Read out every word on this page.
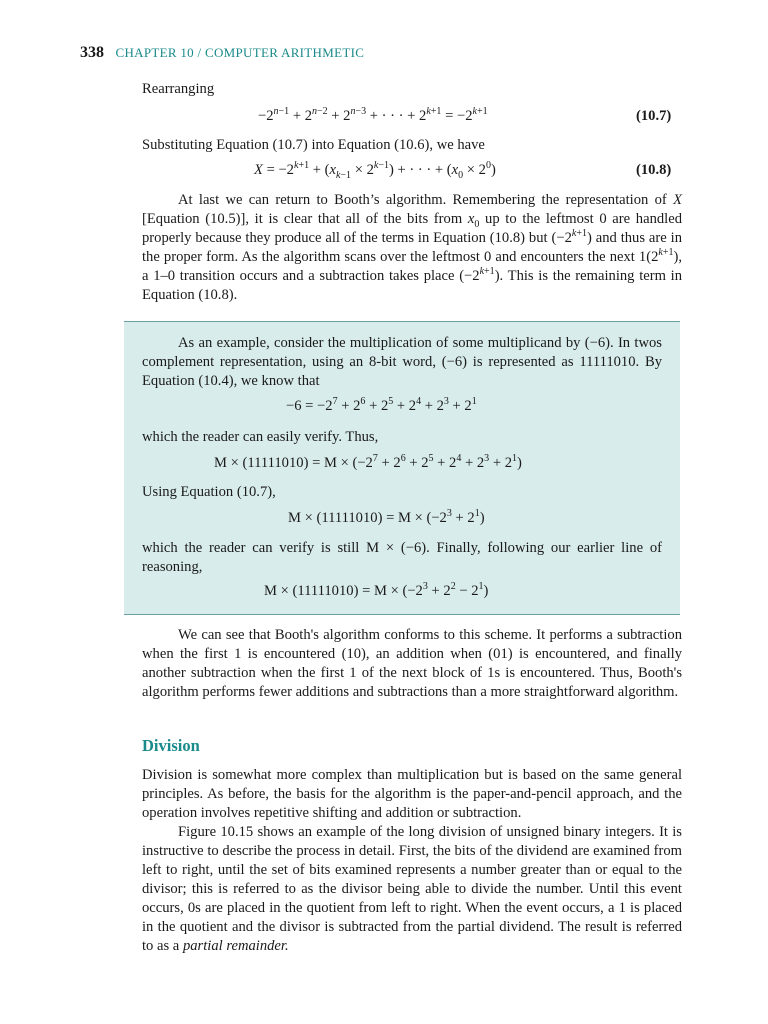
338 CHAPTER 10 / COMPUTER ARITHMETIC
Rearranging
$-2^{n-1} + 2^{n-2} + 2^{n-3}$ + · · · + $2^{k+1} = -2^{k+1}$	(10.7)
Substituting Equation (10.7) into Equation (10.6), we have
$X = -2^{k+1} + (x_{k-1} \times 2^{k-1})$ + · · · + $(x_0 \times 2^0)$	(10.8)
At last we can return to Booth’s algorithm. Remembering the representation of X [Equation (10.5)], it is clear that all of the bits from $x_0$ up to the leftmost 0 are handled properly because they produce all of the terms in Equation (10.8) but $(-2^{k+1})$ and thus are in the proper form. As the algorithm scans over the leftmost 0 and encounters the next $1(2^{k+1})$, a 1–0 transition occurs and a subtraction takes place $(-2^{k+1})$. This is the remaining term in Equation (10.8).
As an example, consider the multiplication of some multiplicand by (−6). In twos complement representation, using an 8-bit word, (−6) is represented as 11111010. By Equation (10.4), we know that
$-6 = -2^7 + 2^6 + 2^5 + 2^4 + 2^3 + 2^1$
which the reader can easily verify. Thus,
$M \times (11111010) = M \times (-2^7 + 2^6 + 2^5 + 2^4 + 2^3 + 2^1)$
Using Equation (10.7),
$M \times (11111010) = M \times (-2^3 + 2^1)$
which the reader can verify is still M × (−6). Finally, following our earlier line of reasoning,
$M \times (11111010) = M \times (-2^3 + 2^2 - 2^1)$
We can see that Booth's algorithm conforms to this scheme. It performs a subtraction when the first 1 is encountered (10), an addition when (01) is encountered, and finally another subtraction when the first 1 of the next block of 1s is encountered. Thus, Booth's algorithm performs fewer additions and subtractions than a more straightforward algorithm.
Division
Division is somewhat more complex than multiplication but is based on the same general principles. As before, the basis for the algorithm is the paper-and-pencil approach, and the operation involves repetitive shifting and addition or subtraction.
Figure 10.15 shows an example of the long division of unsigned binary integers. It is instructive to describe the process in detail. First, the bits of the dividend are examined from left to right, until the set of bits examined represents a number greater than or equal to the divisor; this is referred to as the divisor being able to divide the number. Until this event occurs, 0s are placed in the quotient from left to right. When the event occurs, a 1 is placed in the quotient and the divisor is subtracted from the partial dividend. The result is referred to as a partial remainder.
